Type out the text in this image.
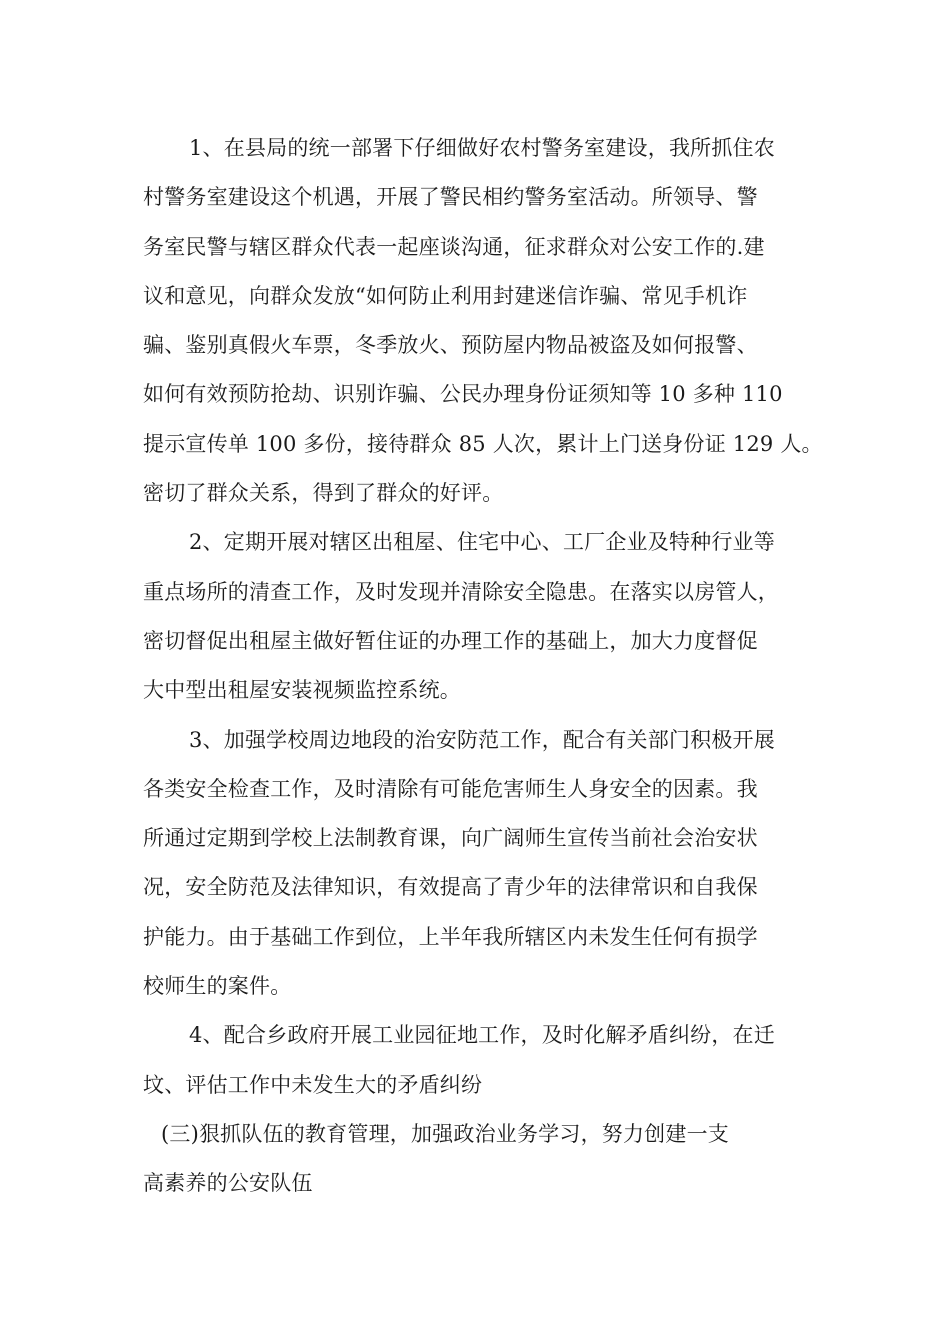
1、在县局的统一部署下仔细做好农村警务室建设，我所抓住农
村警务室建设这个机遇，开展了警民相约警务室活动。所领导、警
务室民警与辖区群众代表一起座谈沟通，征求群众对公安工作的.建
议和意见，向群众发放“如何防止利用封建迷信诈骗、常见手机诈
骗、鉴别真假火车票，冬季放火、预防屋内物品被盗及如何报警、
如何有效预防抢劫、识别诈骗、公民办理身份证须知等 10 多种 110
提示宣传单 100 多份，接待群众 85 人次，累计上门送身份证 129 人。
密切了群众关系，得到了群众的好评。
2、定期开展对辖区出租屋、住宅中心、工厂企业及特种行业等
重点场所的清查工作，及时发现并清除安全隐患。在落实以房管人，
密切督促出租屋主做好暂住证的办理工作的基础上，加大力度督促
大中型出租屋安装视频监控系统。
3、加强学校周边地段的治安防范工作，配合有关部门积极开展
各类安全检查工作，及时清除有可能危害师生人身安全的因素。我
所通过定期到学校上法制教育课，向广阔师生宣传当前社会治安状
况，安全防范及法律知识，有效提高了青少年的法律常识和自我保
护能力。由于基础工作到位，上半年我所辖区内未发生任何有损学
校师生的案件。
4、配合乡政府开展工业园征地工作，及时化解矛盾纠纷，在迁
坟、评估工作中未发生大的矛盾纠纷
(三)狠抓队伍的教育管理，加强政治业务学习，努力创建一支
高素养的公安队伍
